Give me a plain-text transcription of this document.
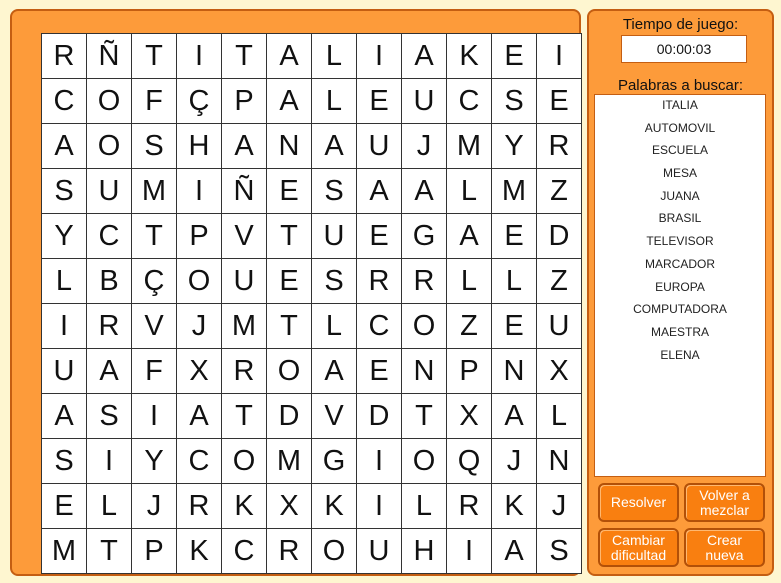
R Ñ T	I	T A L	I	A K E	I
C O F Ç P A L E U C S E
A O S H A N A U J M Y R
S U M I	Ñ E S A A L M Z
Y C T P V T U E G A E D
L B Ç O U E S R R L L Z
I	R V J M T L C O Z E U
U A F X R O A E N P N X
A S	I	A T D V D T X A L
S	I	Y C O M G	I	O Q J N
E L	J R K X K	I	L R K J
M T P K C R O U H	I	A S
Tiempo de juego:
00:00:03
Palabras a buscar:
ITALIA
AUTOMOVIL
ESCUELA
MESA
JUANA
BRASIL
TELEVISOR
MARCADOR
EUROPA
COMPUTADORA
MAESTRA
ELENA
Resolver	Volver a mezclar
Cambiar dificultad
Crear nueva
